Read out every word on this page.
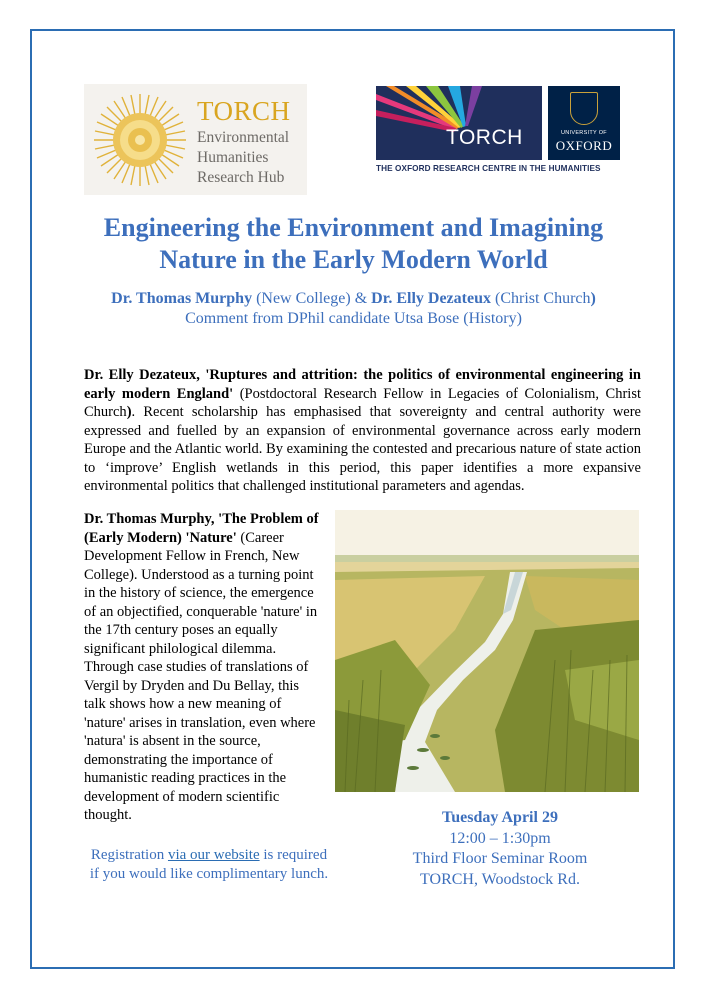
TORCH
Environmental
Humanities
Research Hub
TORCH	UNIVERSITY OF
OXFORD
THE OXFORD RESEARCH CENTRE IN THE HUMANITIES
Engineering the Environment and Imagining
Nature in the Early Modern World
Dr. Thomas Murphy (New College) & Dr. Elly Dezateux (Christ Church)
Comment from DPhil candidate Utsa Bose (History)
Dr. Elly Dezateux, 'Ruptures and attrition: the politics of environmental engineering in early modern England' (Postdoctoral Research Fellow in Legacies of Colonialism, Christ Church). Recent scholarship has emphasised that sovereignty and central authority were expressed and fuelled by an expansion of environmental governance across early modern Europe and the Atlantic world. By examining the contested and precarious nature of state action to ‘improve’ English wetlands in this period, this paper identifies a more expansive environmental politics that challenged institutional parameters and agendas.
Dr. Thomas Murphy, 'The Problem of (Early Modern) 'Nature' (Career Development Fellow in French, New College). Understood as a turning point in the history of science, the emergence of an objectified, conquerable 'nature' in the 17th century poses an equally significant philological dilemma. Through case studies of translations of Vergil by Dryden and Du Bellay, this talk shows how a new meaning of 'nature' arises in translation, even where 'natura' is absent in the source, demonstrating the importance of humanistic reading practices in the development of modern scientific thought.	Tuesday April 29
12:00 – 1:30pm
Third Floor Seminar Room
TORCH, Woodstock Rd.
Registration via our website is required
if you would like complimentary lunch.
